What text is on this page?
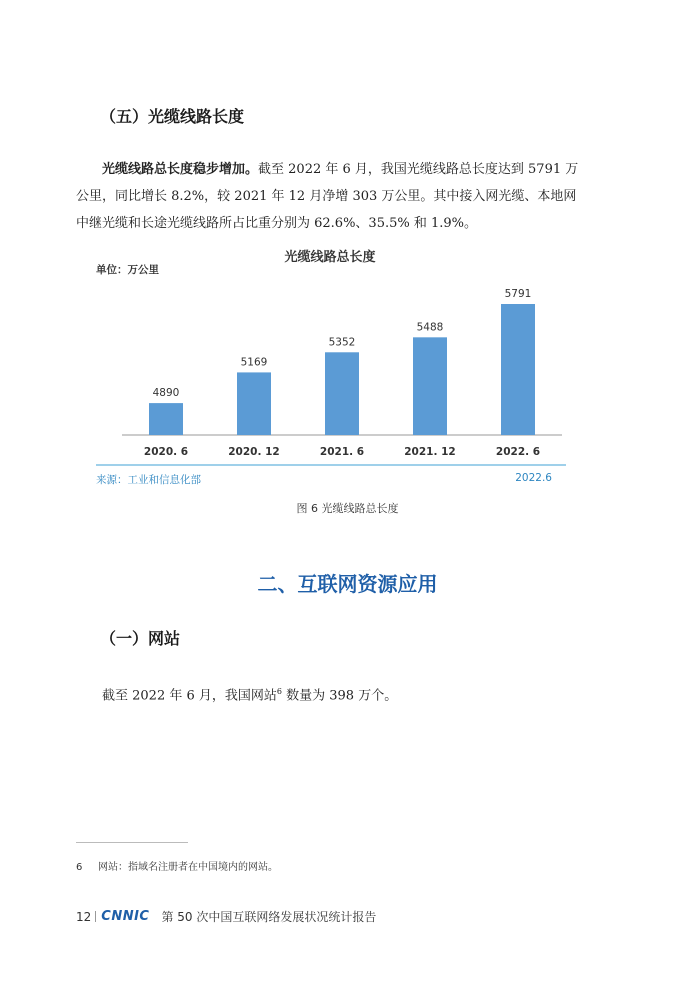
（五）光缆线路长度
光缆线路总长度稳步增加。截至 2022 年 6 月，我国光缆线路总长度达到 5791 万
公里，同比增长 8.2%，较 2021 年 12 月净增 303 万公里。其中接入网光缆、本地网
中继光缆和长途光缆线路所占比重分别为 62.6%、35.5% 和 1.9%。
光缆线路总长度
单位：万公里
4890
2020. 6
5169
2020. 12
5352
2021. 6
5488
2021. 12
5791
2022. 6
来源：工业和信息化部	2022.6
图 6 光缆线路总长度
二、互联网资源应用
（一）网站
截至 2022 年 6 月，我国网站$^6$ 数量为 398 万个。
6 网站：指域名注册者在中国境内的网站。
12 CNNIC 第 50 次中国互联网络发展状况统计报告
